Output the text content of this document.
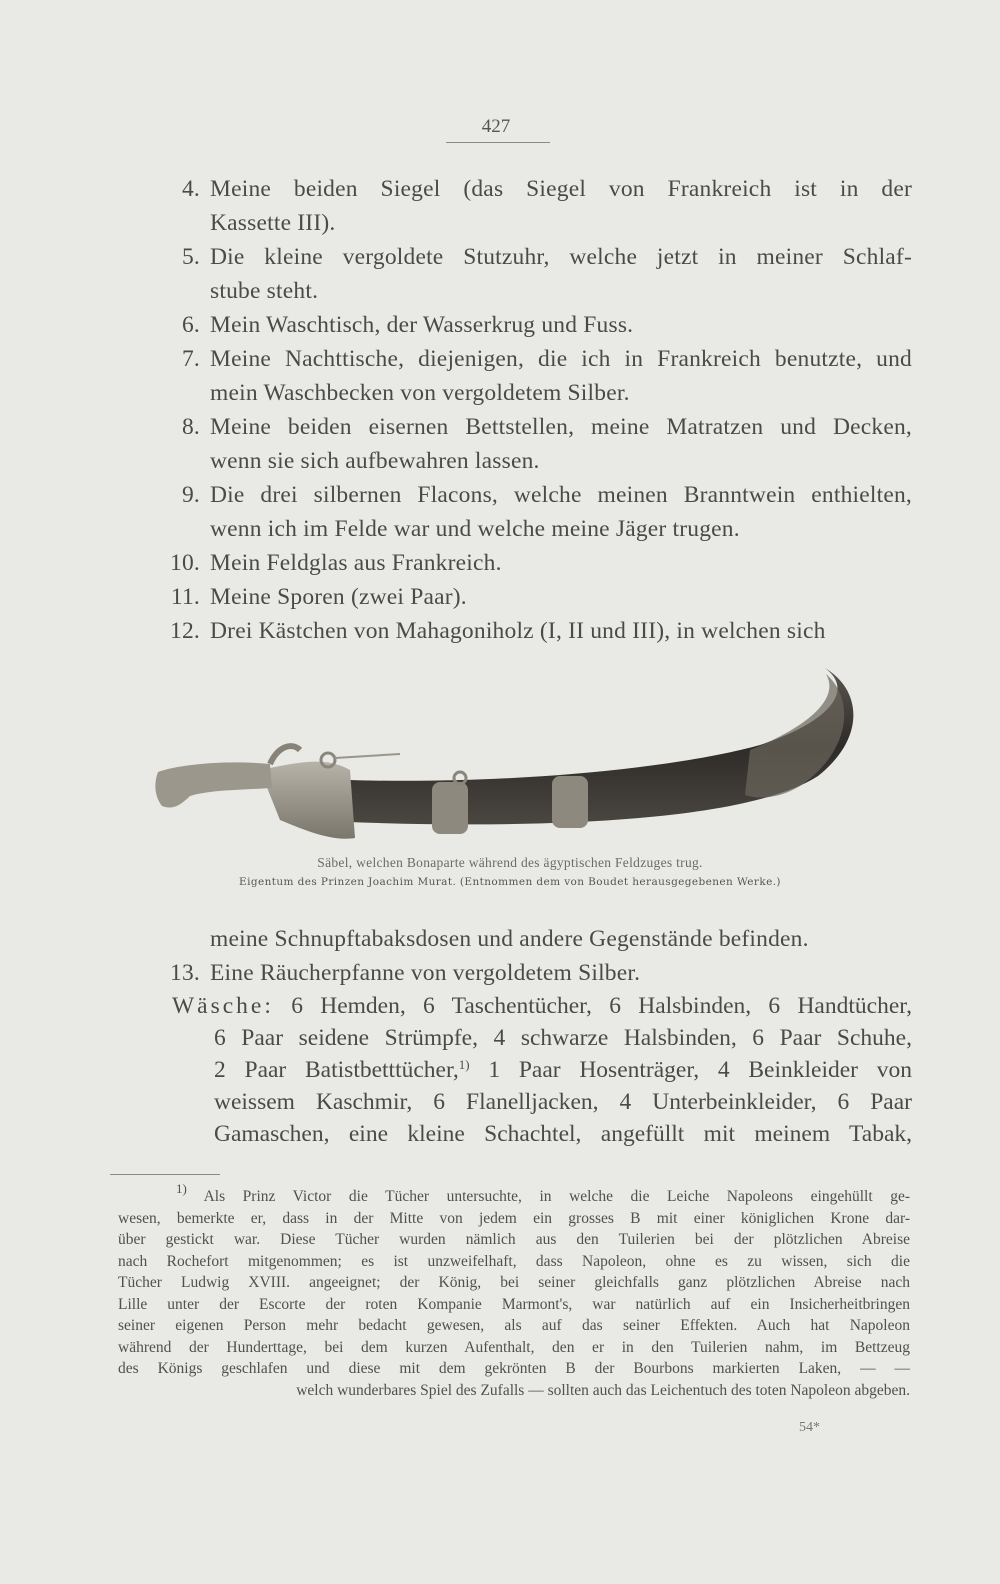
427
4. Meine beiden Siegel (das Siegel von Frankreich ist in der
Kassette III).
5. Die kleine vergoldete Stutzuhr, welche jetzt in meiner Schlaf-
stube steht.
6. Mein Waschtisch, der Wasserkrug und Fuss.
7. Meine Nachttische, diejenigen, die ich in Frankreich benutzte, und
mein Waschbecken von vergoldetem Silber.
8. Meine beiden eisernen Bettstellen, meine Matratzen und Decken,
wenn sie sich aufbewahren lassen.
9. Die drei silbernen Flacons, welche meinen Branntwein enthielten,
wenn ich im Felde war und welche meine Jäger trugen.
10. Mein Feldglas aus Frankreich.
11. Meine Sporen (zwei Paar).
12. Drei Kästchen von Mahagoniholz (I, II und III), in welchen sich
Säbel, welchen Bonaparte während des ägyptischen Feldzuges trug.
Eigentum des Prinzen Joachim Murat. (Entnommen dem von Boudet herausgegebenen Werke.)
meine Schnupftabaksdosen und andere Gegenstände befinden.
13. Eine Räucherpfanne von vergoldetem Silber.
Wäsche: 6 Hemden, 6 Taschentücher, 6 Halsbinden, 6 Handtücher,
6 Paar seidene Strümpfe, 4 schwarze Halsbinden, 6 Paar Schuhe,
2 Paar Batistbetttücher,$^{1)}$ 1 Paar Hosenträger, 4 Beinkleider von
weissem Kaschmir, 6 Flanelljacken, 4 Unterbeinkleider, 6 Paar
Gamaschen, eine kleine Schachtel, angefüllt mit meinem Tabak,
$^{1)}$ Als Prinz Victor die Tücher untersuchte, in welche die Leiche Napoleons eingehüllt ge-
wesen, bemerkte er, dass in der Mitte von jedem ein grosses B mit einer königlichen Krone dar-
über gestickt war. Diese Tücher wurden nämlich aus den Tuilerien bei der plötzlichen Abreise
nach Rochefort mitgenommen; es ist unzweifelhaft, dass Napoleon, ohne es zu wissen, sich die
Tücher Ludwig XVIII. angeeignet; der König, bei seiner gleichfalls ganz plötzlichen Abreise nach
Lille unter der Escorte der roten Kompanie Marmont's, war natürlich auf ein Insicherheitbringen
seiner eigenen Person mehr bedacht gewesen, als auf das seiner Effekten. Auch hat Napoleon
während der Hunderttage, bei dem kurzen Aufenthalt, den er in den Tuilerien nahm, im Bettzeug
des Königs geschlafen und diese mit dem gekrönten B der Bourbons markierten Laken, — —
welch wunderbares Spiel des Zufalls — sollten auch das Leichentuch des toten Napoleon abgeben.
54*
